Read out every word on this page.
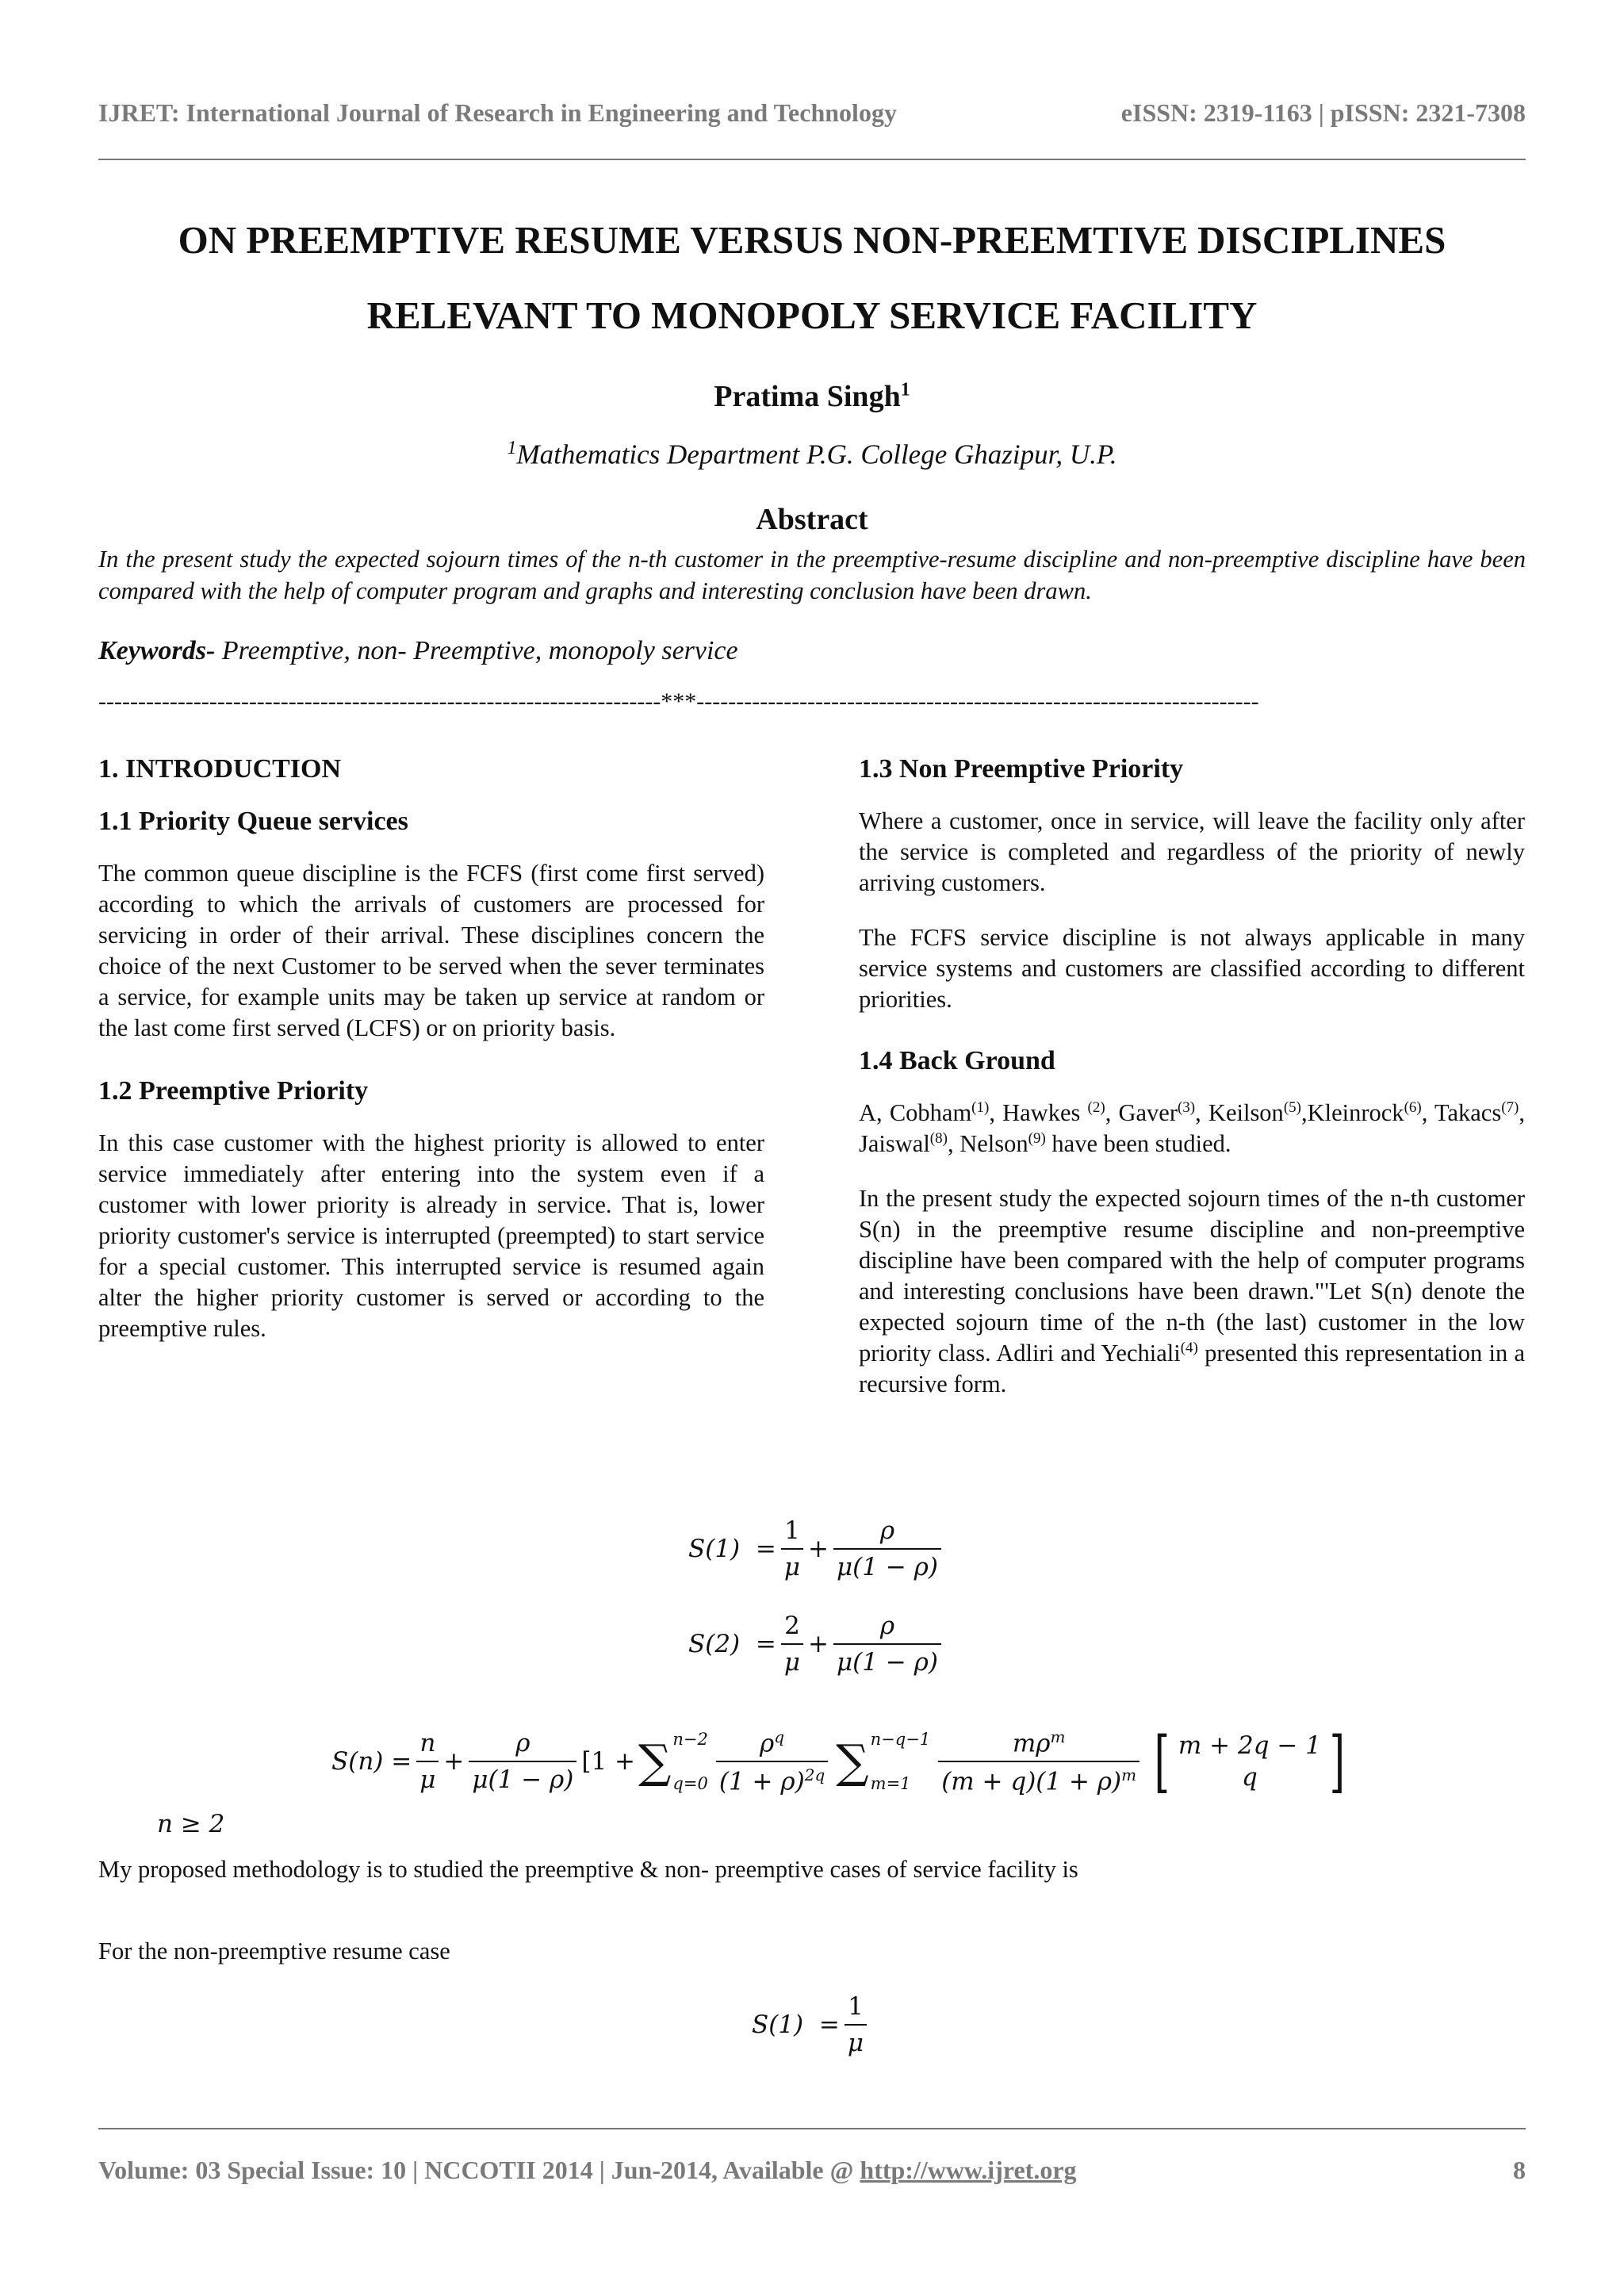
IJRET: International Journal of Research in Engineering and Technology	eISSN: 2319-1163 | pISSN: 2321-7308
ON PREEMPTIVE RESUME VERSUS NON-PREEMTIVE DISCIPLINES
RELEVANT TO MONOPOLY SERVICE FACILITY
Pratima Singh$^1$
$^1$Mathematics Department P.G. College Ghazipur, U.P.
Abstract
In the present study the expected sojourn times of the n-th customer in the preemptive-resume discipline and non-preemptive discipline have been compared with the help of computer program and graphs and interesting conclusion have been drawn.
Keywords- Preemptive, non- Preemptive, monopoly service
-----------------------------------------------------------------------***-----------------------------------------------------------------------
1. INTRODUCTION
1.1 Priority Queue services

The common queue discipline is the FCFS (first come first served) according to which the arrivals of customers are processed for servicing in order of their arrival. These disciplines concern the choice of the next Customer to be served when the sever terminates a service, for example units may be taken up service at random or the last come first served (LCFS) or on priority basis.

1.2 Preemptive Priority

In this case customer with the highest priority is allowed to enter service immediately after entering into the system even if a customer with lower priority is already in service. That is, lower priority customer's service is interrupted (preempted) to start service for a special customer. This interrupted service is resumed again alter the higher priority customer is served or according to the preemptive rules.

1.3 Non Preemptive Priority

Where a customer, once in service, will leave the facility only after the service is completed and regardless of the priority of newly arriving customers.

The FCFS service discipline is not always applicable in many service systems and customers are classified according to different priorities.

1.4 Back Ground

A, Cobham$^{(1)}$, Hawkes $^{(2)}$, Gaver$^{(3)}$, Keilson$^{(5)}$,Kleinrock$^{(6)}$, Takacs$^{(7)}$, Jaiswal$^{(8)}$, Nelson$^{(9)}$ have been studied.

In the present study the expected sojourn times of the n-th customer S(n) in the preemptive resume discipline and non-preemptive discipline have been compared with the help of computer programs and interesting conclusions have been drawn."'Let S(n) denote the expected sojourn time of the n-th (the last) customer in the low priority class. Adliri and Yechiali$^{(4)}$ presented this representation in a recursive form.

S(1)
= $\frac{1}{\mu} + \frac{\rho}{\mu(1 - \rho)}$
S(2)
= $\frac{2}{\mu} + \frac{\rho}{\mu(1 - \rho)}$
S(n)
= $\frac{n}{\mu} + \frac{\rho}{\mu(1 - \rho)} [1$ + ∑ n−2
$q=0 \frac{\rho^q}{(1 + \rho)^{2q}}$ ∑ n−q−1
m=1	$\frac{m\rho^m}{(m + q)(1 + \rho)^m}$ [ m + 2q − 1
q ]
n ≥ 2
My proposed methodology is to studied the preemptive & non- preemptive cases of service facility is
For the non-preemptive resume case
S(1)
= $\frac{1}{\mu}$
Volume: 03 Special Issue: 10 | NCCOTII 2014 | Jun-2014, Available @ http://www.ijret.org	8
